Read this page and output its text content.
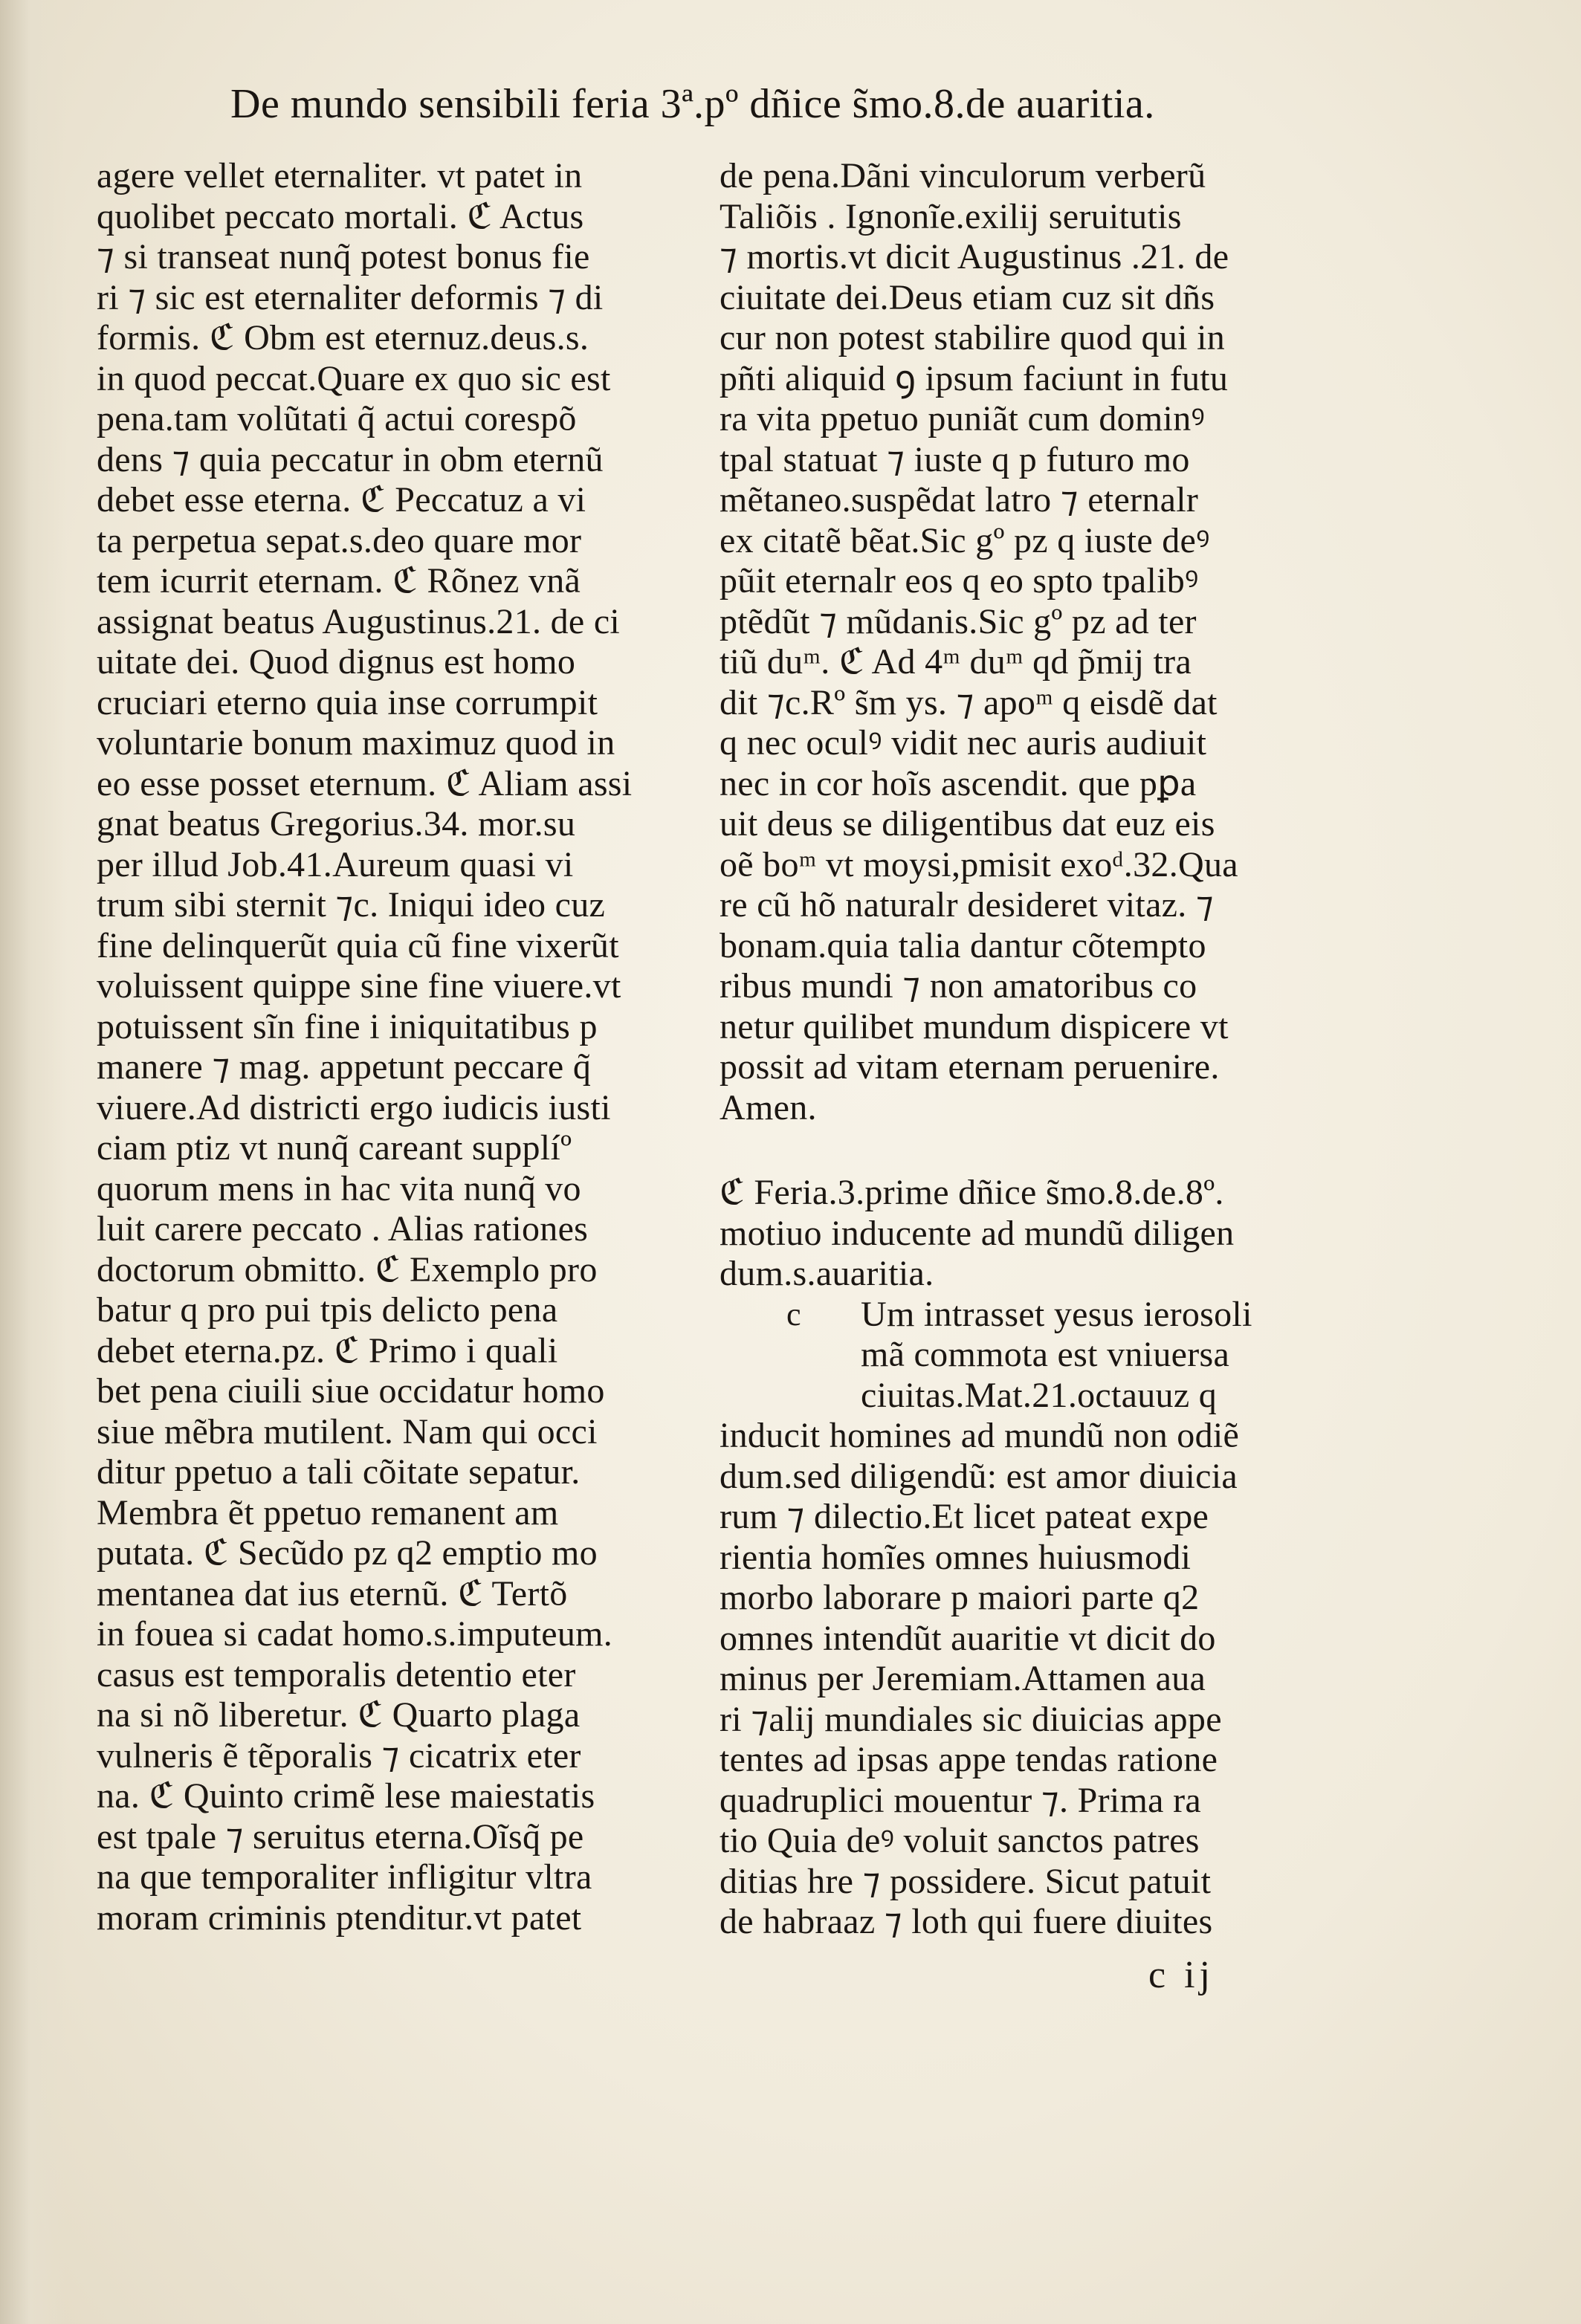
De mundo sensibili feria 3ª.pº dñice s̃mo.8.de auaritia.
agere vellet eternaliter. vt patet in
quolibet peccato mortali. ℭ Actus
⁊ si transeat nunq̃ potest bonus fie
ri ⁊ sic est eternaliter deformis ⁊ di
formis. ℭ Obm est eternuz.deus.s.
in quod peccat.Quare ex quo sic est
pena.tam volũtati q̃ actui corespõ
dens ⁊ quia peccatur in obm eternũ
debet esse eterna. ℭ Peccatuz a vi
ta perpetua sepat.s.deo quare mor
tem icurrit eternam. ℭ Rõnez vnã
assignat beatus Augustinus.21. de ci
uitate dei. Quod dignus est homo
cruciari eterno quia inse corrumpit
voluntarie bonum maximuz quod in
eo esse posset eternum. ℭ Aliam assi
gnat beatus Gregorius.34. mor.su
per illud Job.41.Aureum quasi vi
trum sibi sternit ⁊c. Iniqui ideo cuz
fine delinquerũt quia cũ fine vixerũt
voluissent quippe sine fine viuere.vt
potuissent sĩn fine i iniquitatibus p
manere ⁊ mag. appetunt peccare q̃
viuere.Ad districti ergo iudicis iusti
ciam ptiz vt nunq̃ careant supplíº
quorum mens in hac vita nunq̃ vo
luit carere peccato . Alias rationes
doctorum obmitto. ℭ Exemplo pro
batur q pro pui tpis delicto pena
debet eterna.pz. ℭ Primo i quali
bet pena ciuili siue occidatur homo
siue mẽbra mutilent. Nam qui occi
ditur ppetuo a tali cõitate sepatur.
Membra ẽt ppetuo remanent am
putata. ℭ Secũdo pz q2 emptio mo
mentanea dat ius eternũ. ℭ Tertõ
in fouea si cadat homo.s.imputeum.
casus est temporalis detentio eter
na si nõ liberetur. ℭ Quarto plaga
vulneris ẽ tẽporalis ⁊ cicatrix eter
na. ℭ Quinto crimẽ lese maiestatis
est tpale ⁊ seruitus eterna.Oĩsq̃ pe
na que temporaliter infligitur vltra
moram criminis ptenditur.vt patet
de pena.Dãni vinculorum verberũ
Taliõis . Ignonĩe.exilij seruitutis
⁊ mortis.vt dicit Augustinus .21. de
ciuitate dei.Deus etiam cuz sit dñs
cur non potest stabilire quod qui in
pñti aliquid ꝯ ipsum faciunt in futu
ra vita ppetuo puniãt cum dominꝰ
tpal statuat ⁊ iuste q p futuro mo
mẽtaneo.suspẽdat latro ⁊ eternalr
ex citatẽ bẽat.Sic gº pz q iuste deꝰ
pũit eternalr eos q eo spto tpalibꝰ
ptẽdũt ⁊ mũdanis.Sic gº pz ad ter
tiũ duᵐ. ℭ Ad 4ᵐ duᵐ qd p̃mij tra
dit ⁊c.Rº s̃m ys. ⁊ apoᵐ q eisdẽ dat
q nec oculꝰ vidit nec auris audiuit
nec in cor hoĩs ascendit. que pꝑa
uit deus se diligentibus dat euz eis
oẽ boᵐ vt moysi,pmisit exoᵈ.32.Qua
re cũ hõ naturalr desideret vitaz. ⁊
bonam.quia talia dantur cõtempto
ribus mundi ⁊ non amatoribus co
netur quilibet mundum dispicere vt
possit ad vitam eternam peruenire.
Amen.
ℭ Feria.3.prime dñice s̃mo.8.de.8º.
motiuo inducente ad mundũ diligen
dum.s.auaritia.
c	Um intrasset yesus ierosoli
mã commota est vniuersa
ciuitas.Mat.21.octauuz q
inducit homines ad mundũ non odiẽ
dum.sed diligendũ: est amor diuicia
rum ⁊ dilectio.Et licet pateat expe
rientia homĩes omnes huiusmodi
morbo laborare p maiori parte q2
omnes intendũt auaritie vt dicit do
minus per Jeremiam.Attamen aua
ri ⁊alij mundiales sic diuicias appe
tentes ad ipsas appe tendas ratione
quadruplici mouentur ⁊. Prima ra
tio Quia deꝰ voluit sanctos patres
ditias hre ⁊ possidere. Sicut patuit
de habraaz ⁊ loth qui fuere diuites
c ij
